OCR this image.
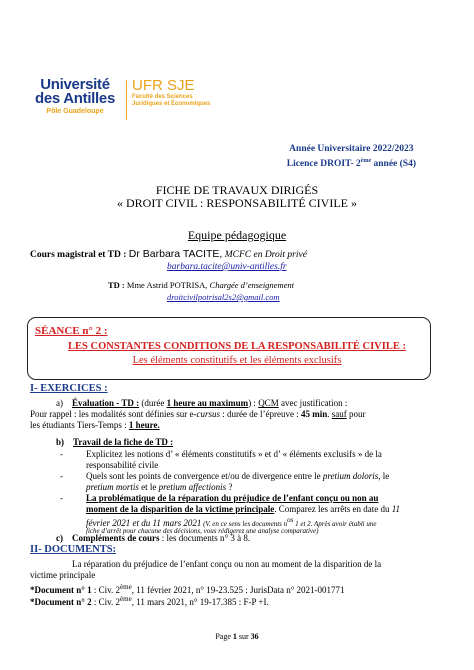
Université
des Antilles
Pôle Guadeloupe
UFR SJE
Faculté des Sciences
Juridiques et Économiques
Année Universitaire 2022/2023
Licence DROIT- 2ème année (S4)
FICHE DE TRAVAUX DIRIGÉS
« DROIT CIVIL : RESPONSABILITÉ CIVILE »
Equipe pédagogique
Cours magistral et TD : Dr Barbara TACITE, MCFC en Droit privé
barbara.tacite@univ-antilles.fr
TD : Mme Astrid POTRISA, Chargée d’enseignement
droitcivilpotrisal2s2@gmail.com
SÉANCE n° 2 :
LES CONSTANTES CONDITIONS DE LA RESPONSABILITÉ CIVILE :
Les éléments constitutifs et les éléments exclusifs
I- EXERCICES :
a) Évaluation - TD : (durée 1 heure au maximum) : QCM avec justification :
Pour rappel : les modalités sont définies sur e-cursus : durée de l’épreuve : 45 min. sauf pour
les étudiants Tiers-Temps : 1 heure.
b) Travail de la fiche de TD :
-	Explicitez les notions d’ « éléments constitutifs » et d’ « éléments exclusifs » de la
responsabilité civile
-	Quels sont les points de convergence et/ou de divergence entre le pretium doloris, le
pretium mortis et le pretium affectionis ?
-	La problématique de la réparation du préjudice de l’enfant conçu ou non au
moment de la disparition de la victime principale. Comparez les arrêts en date du 11
février 2021 et du 11 mars 2021 (V. en ce sens les documents $n^{os}$ 1 et 2. Après avoir établi une
fiche d’arrêt pour chacune des décisions, vous rédigerez une analyse comparative)
c) Compléments de cours : les documents n° 3 à 8.
II- DOCUMENTS:
La réparation du préjudice de l’enfant conçu ou non au moment de la disparition de la
victime principale
*Document n° 1 : Civ. 2ème, 11 février 2021, n° 19-23.525 : JurisData n° 2021-001771
*Document n° 2 : Civ. 2ème, 11 mars 2021, n° 19-17.385 : F-P +I.
Page 1 sur 36
